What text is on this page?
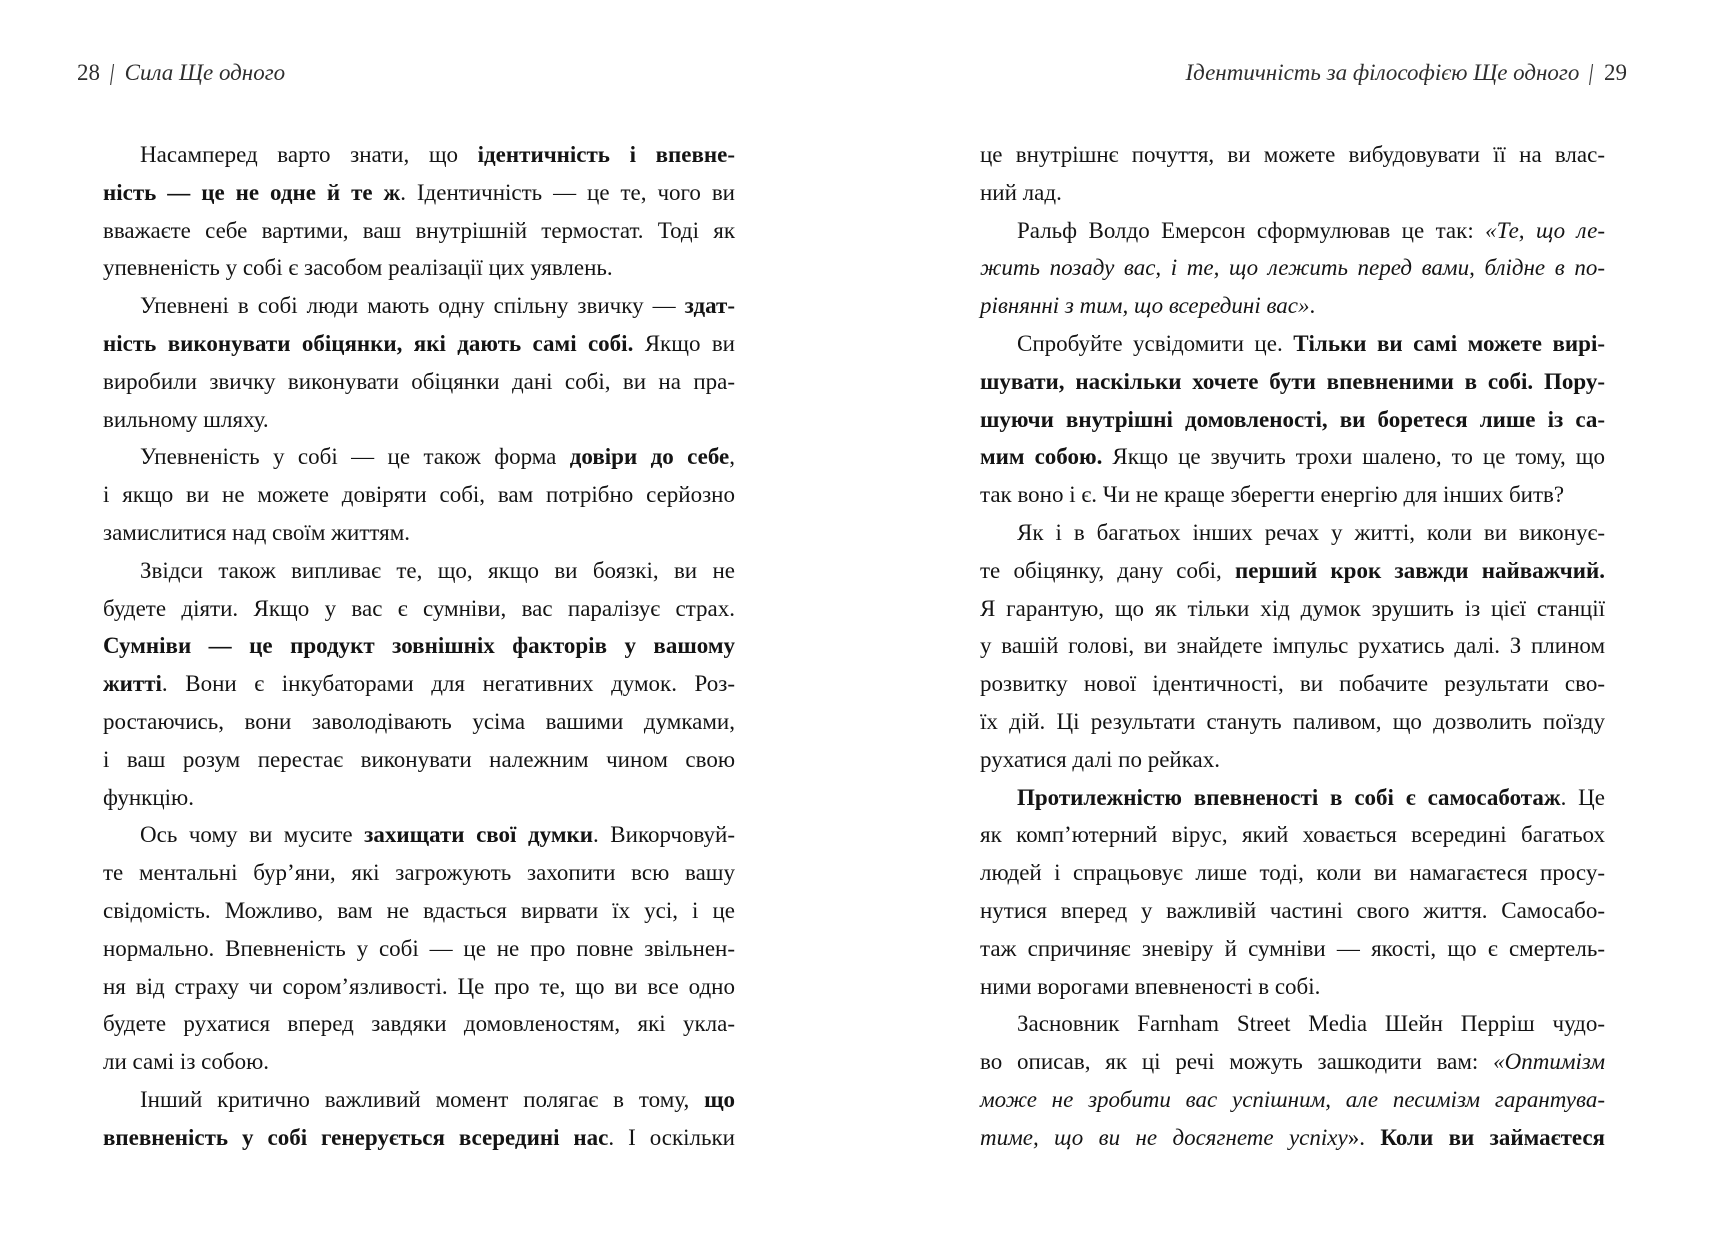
28 | Сила Ще одного	Ідентичність за філософією Ще одного | 29
Насамперед варто знати, що ідентичність і впевне-
ність — це не одне й те ж. Ідентичність — це те, чого ви
вважаєте себе вартими, ваш внутрішній термостат. Тоді як
упевненість у собі є засобом реалізації цих уявлень.
Упевнені в собі люди мають одну спільну звичку — здат-
ність виконувати обіцянки, які дають самі собі. Якщо ви
виробили звичку виконувати обіцянки дані собі, ви на пра-
вильному шляху.
Упевненість у собі — це також форма довіри до себе,
і якщо ви не можете довіряти собі, вам потрібно серйозно
замислитися над своїм життям.
Звідси також випливає те, що, якщо ви боязкі, ви не
будете діяти. Якщо у вас є сумніви, вас паралізує страх.
Сумніви — це продукт зовнішніх факторів у вашому
житті. Вони є інкубаторами для негативних думок. Роз-
ростаючись, вони заволодівають усіма вашими думками,
і ваш розум перестає виконувати належним чином свою
функцію.
Ось чому ви мусите захищати свої думки. Викорчовуй-
те ментальні бур’яни, які загрожують захопити всю вашу
свідомість. Можливо, вам не вдасться вирвати їх усі, і це
нормально. Впевненість у собі — це не про повне звільнен-
ня від страху чи сором’язливості. Це про те, що ви все одно
будете рухатися вперед завдяки домовленостям, які укла-
ли самі із собою.
Інший критично важливий момент полягає в тому, що
впевненість у собі генерується всередині нас. І оскільки
це внутрішнє почуття, ви можете вибудовувати її на влас-
ний лад.
Ральф Волдо Емерсон сформулював це так: «Те, що ле-
жить позаду вас, і те, що лежить перед вами, блідне в по-
рівнянні з тим, що всередині вас».
Спробуйте усвідомити це. Тільки ви самі можете вирі-
шувати, наскільки хочете бути впевненими в собі. Пору-
шуючи внутрішні домовленості, ви боретеся лише із са-
мим собою. Якщо це звучить трохи шалено, то це тому, що
так воно і є. Чи не краще зберегти енергію для інших битв?
Як і в багатьох інших речах у житті, коли ви виконує-
те обіцянку, дану собі, перший крок завжди найважчий.
Я гарантую, що як тільки хід думок зрушить із цієї станції
у вашій голові, ви знайдете імпульс рухатись далі. З плином
розвитку нової ідентичності, ви побачите результати сво-
їх дій. Ці результати стануть паливом, що дозволить поїзду
рухатися далі по рейках.
Протилежністю впевненості в собі є самосаботаж. Це
як комп’ютерний вірус, який ховається всередині багатьох
людей і спрацьовує лише тоді, коли ви намагаєтеся просу-
нутися вперед у важливій частині свого життя. Самосабо-
таж спричиняє зневіру й сумніви — якості, що є смертель-
ними ворогами впевненості в собі.
Засновник Farnham Street Media Шейн Перріш чудо-
во описав, як ці речі можуть зашкодити вам: «Оптимізм
може не зробити вас успішним, але песимізм гарантува-
тиме, що ви не досягнете успіху». Коли ви займаєтеся
